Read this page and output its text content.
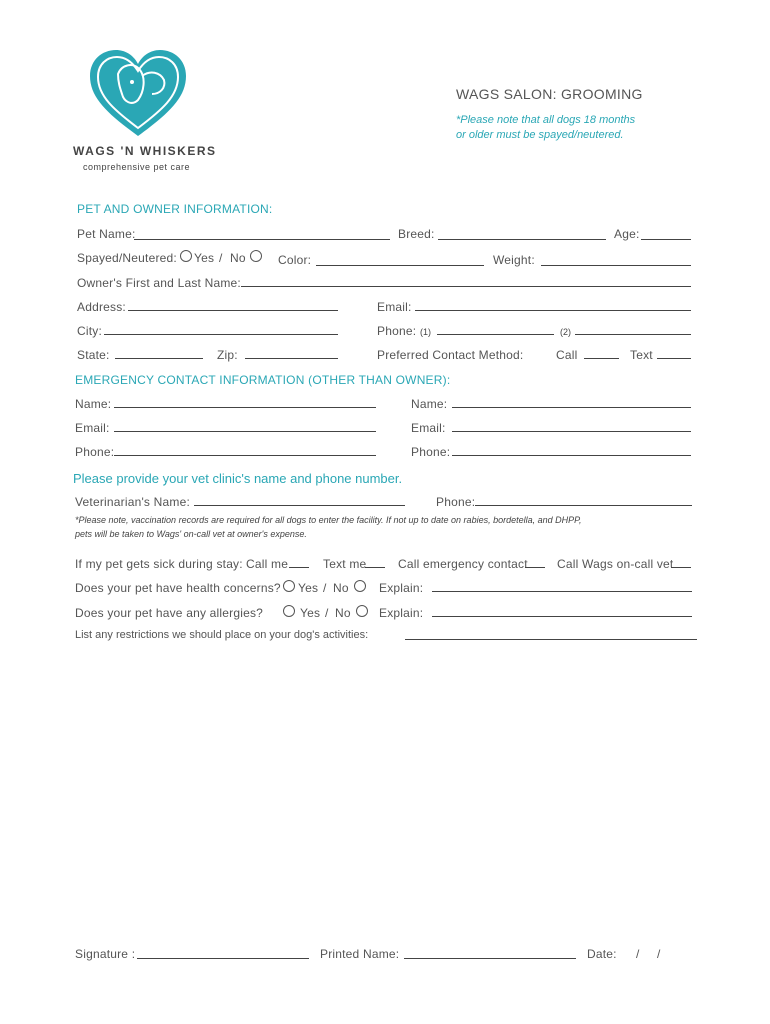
WAGS 'N WHISKERS
comprehensive pet care
WAGS SALON: GROOMING
*Please note that all dogs 18 months
or older must be spayed/neutered.
PET AND OWNER INFORMATION:
Pet Name:	Breed:	Age:
Spayed/Neutered: Yes / No	Color:	Weight:
Owner's First and Last Name:
Address:	Email:
City:	Phone: (1)	(2)
State:	Zip:	Preferred Contact Method:	Call	Text
EMERGENCY CONTACT INFORMATION (OTHER THAN OWNER):
Name:	Name:
Email:	Email:
Phone:	Phone:
Please provide your vet clinic's name and phone number.
Veterinarian's Name:	Phone:
*Please note, vaccination records are required for all dogs to enter the facility. If not up to date on rabies, bordetella, and DHPP,
pets will be taken to Wags' on-call vet at owner's expense.
If my pet gets sick during stay: Call me	Text me	Call emergency contact Call Wags on-call vet
Does your pet have health concerns? Yes / No	Explain:
Does your pet have any allergies?	Yes / No Explain:
List any restrictions we should place on your dog's activities:
Signature :	Printed Name:	Date: / /
